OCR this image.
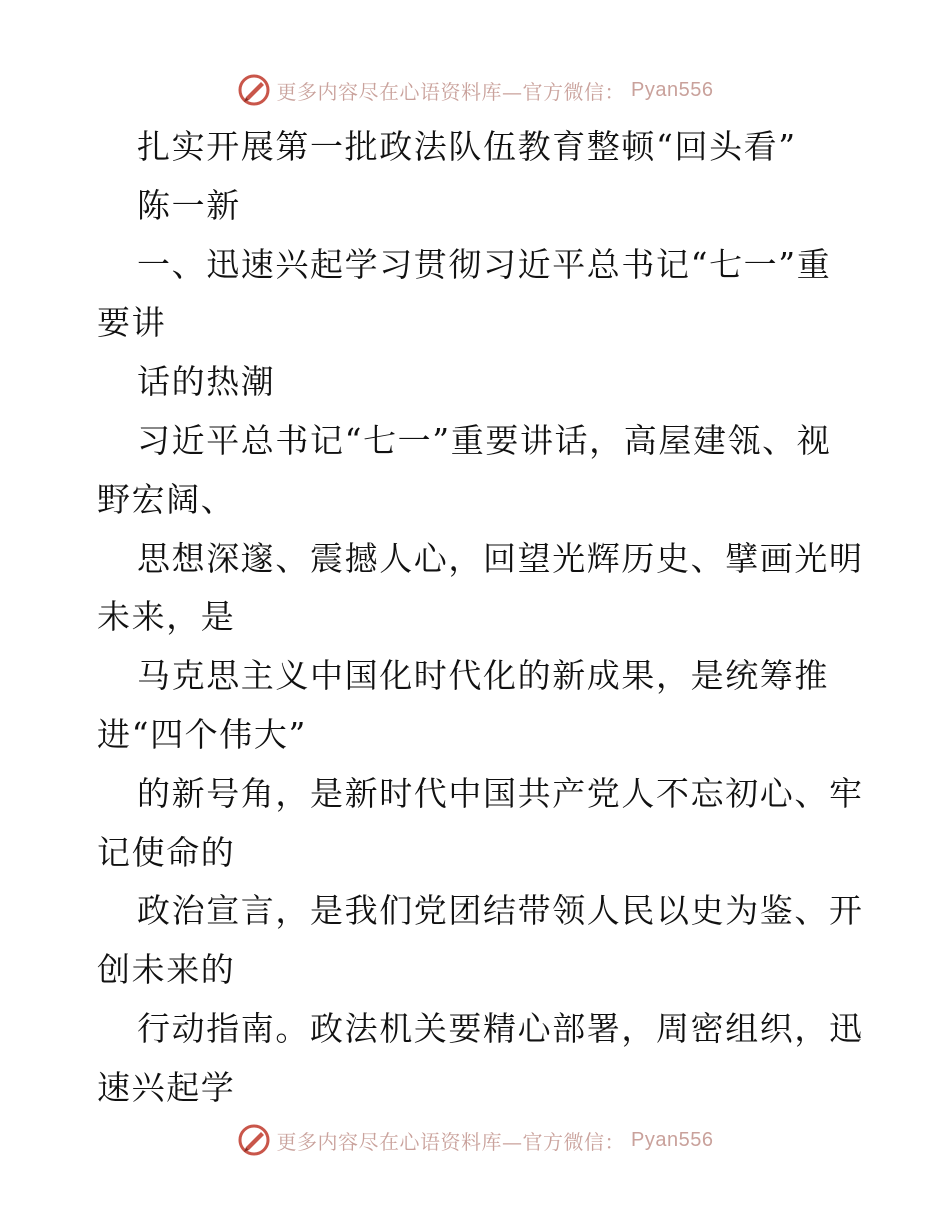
更多内容尽在心语资料库—官方微信： Pyan556
扎实开展第一批政法队伍教育整顿“回头看”
陈一新
一、迅速兴起学习贯彻习近平总书记“七一”重
要讲
话的热潮
习近平总书记“七一”重要讲话，高屋建瓴、视
野宏阔、
思想深邃、震撼人心，回望光辉历史、擘画光明
未来，是
马克思主义中国化时代化的新成果，是统筹推
进“四个伟大”
的新号角，是新时代中国共产党人不忘初心、牢
记使命的
政治宣言，是我们党团结带领人民以史为鉴、开
创未来的
行动指南。政法机关要精心部署，周密组织，迅
速兴起学
更多内容尽在心语资料库—官方微信： Pyan556
